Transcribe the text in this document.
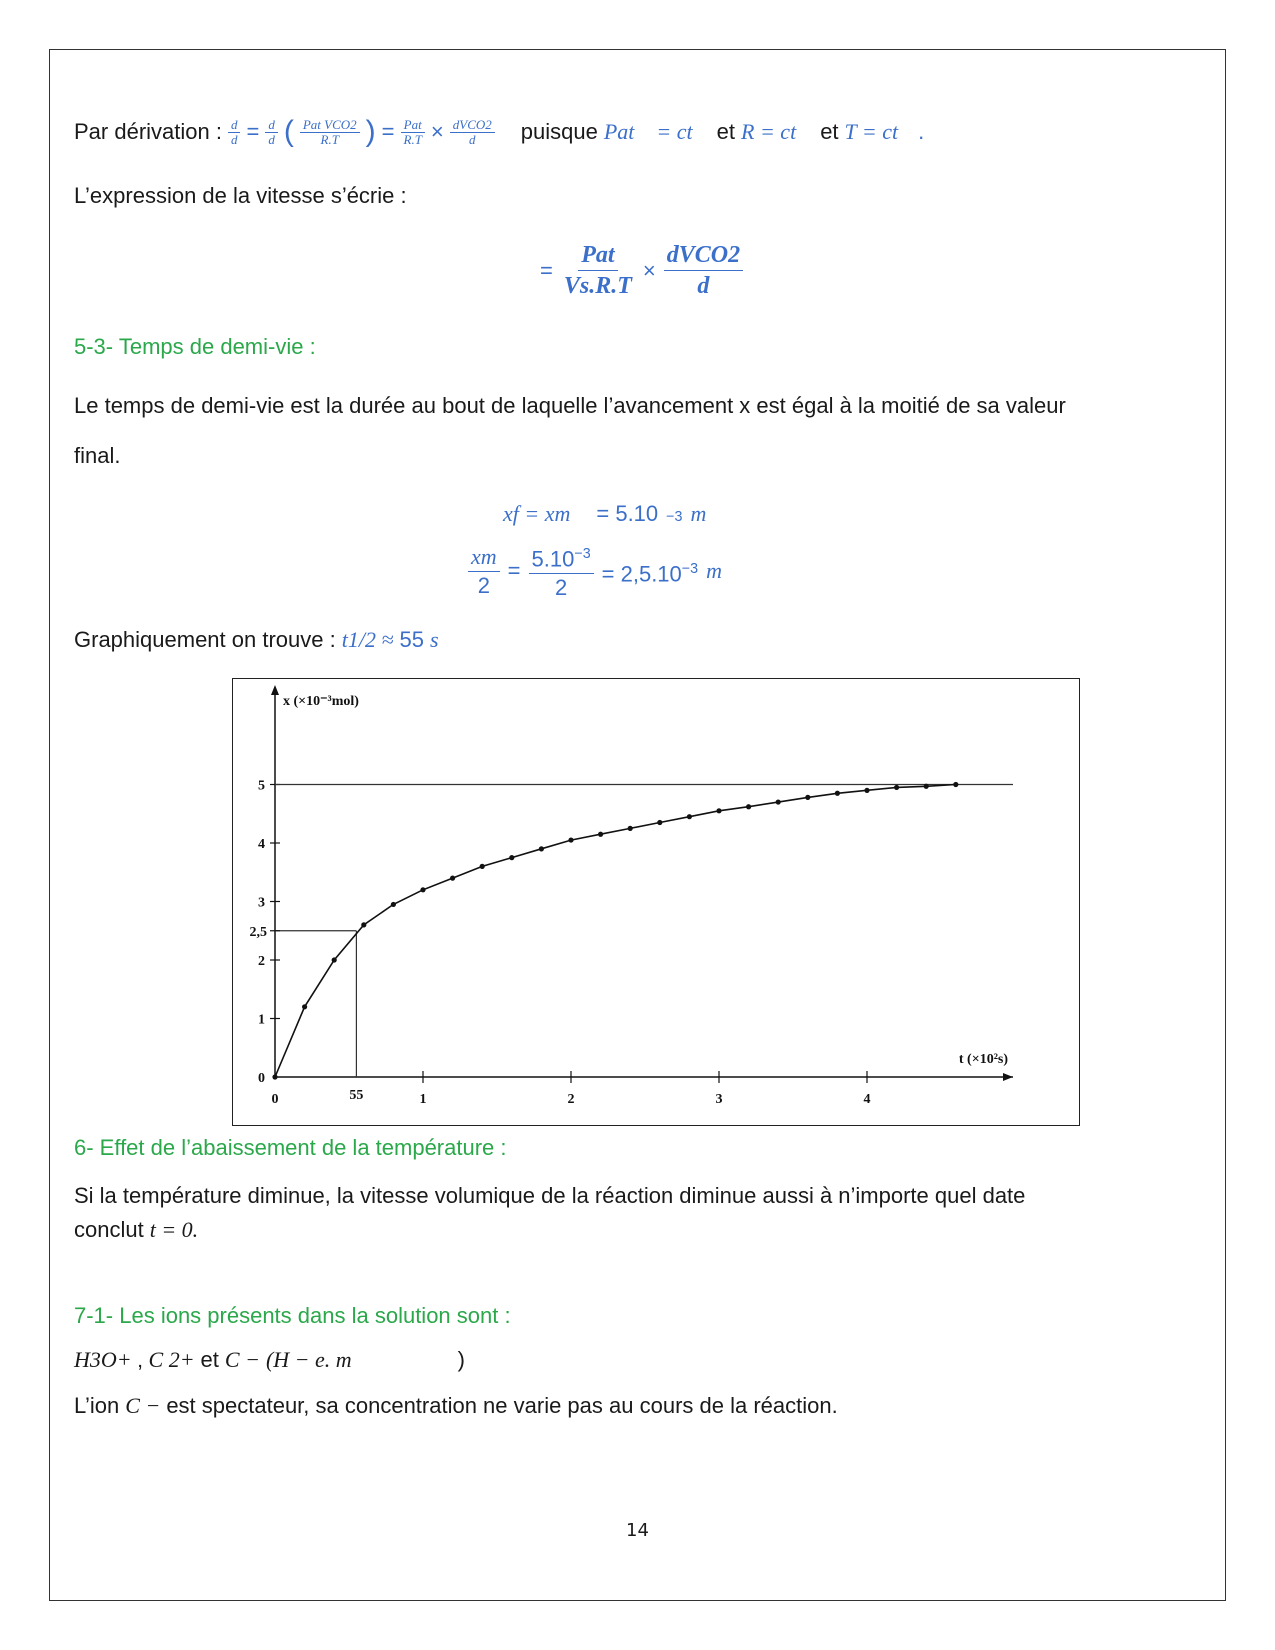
Par dérivation : $\frac{d}{d} = \frac{d}{d}$ ( $\frac{\text{Pat VCO2}}{R.T}$ ) = $\frac{\text{Pat}}{R.T} \times \frac{\text{dVCO2}}{d}$ puisque Pat = ct et R = ct et T = ct .
L’expression de la vitesse s’écrie :
= $\frac{\text{Pat}}{Vs.R.T} \times \frac{\text{dVCO2}}{d}$
5-3- Temps de demi-vie :
Le temps de demi-vie est la durée au bout de laquelle l’avancement x est égal à la moitié de sa valeur
final.
xf = xm = 5.10 −3 m
$\frac{xm}{2} = \frac{5.10^{-3}}{2} = 2,5.10^{-3}$ m
Graphiquement on trouve : t1/2 ≈ 55 s
x (×10⁻³mol)
t (×10²s)
0	1	2	3	4
0
1
2
3
4
5
2,5
55
6- Effet de l’abaissement de la température :
Si la température diminue, la vitesse volumique de la réaction diminue aussi à n’importe quel date
conclut t = 0.
7-1- Les ions présents dans la solution sont :
H3O+ ‚ C 2+ et C − (H − e. m	)
L’ion C − est spectateur, sa concentration ne varie pas au cours de la réaction.
14
